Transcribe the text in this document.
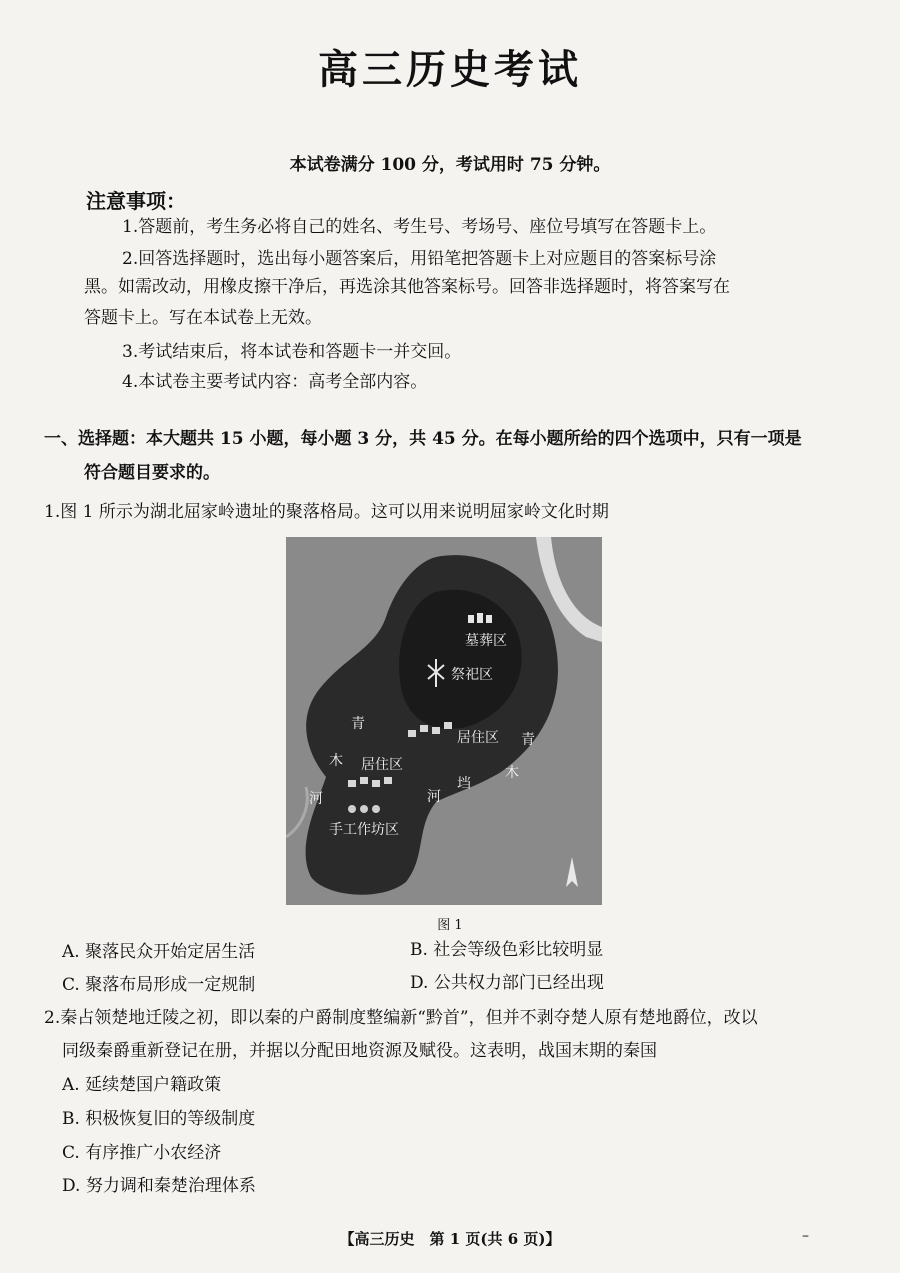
高三历史考试
本试卷满分 100 分，考试用时 75 分钟。
注意事项：
1.答题前，考生务必将自己的姓名、考生号、考场号、座位号填写在答题卡上。
2.回答选择题时，选出每小题答案后，用铅笔把答题卡上对应题目的答案标号涂
黑。如需改动，用橡皮擦干净后，再选涂其他答案标号。回答非选择题时，将答案写在
答题卡上。写在本试卷上无效。
3.考试结束后，将本试卷和答题卡一并交回。
4.本试卷主要考试内容：高考全部内容。
一、选择题：本大题共 15 小题，每小题 3 分，共 45 分。在每小题所给的四个选项中，只有一项是
符合题目要求的。
1.图 1 所示为湖北屈家岭遗址的聚落格局。这可以用来说明屈家岭文化时期
墓葬区
祭祀区
居住区
居住区
手工作坊区
青
木
河
青
木
垱
河
图 1
A. 聚落民众开始定居生活	B. 社会等级色彩比较明显
C. 聚落布局形成一定规制	D. 公共权力部门已经出现
2.秦占领楚地迁陵之初，即以秦的户爵制度整编新“黔首”，但并不剥夺楚人原有楚地爵位，改以
同级秦爵重新登记在册，并据以分配田地资源及赋役。这表明，战国末期的秦国
A. 延续楚国户籍政策
B. 积极恢复旧的等级制度
C. 有序推广小农经济
D. 努力调和秦楚治理体系
【高三历史　第 1 页(共 6 页)】	–
